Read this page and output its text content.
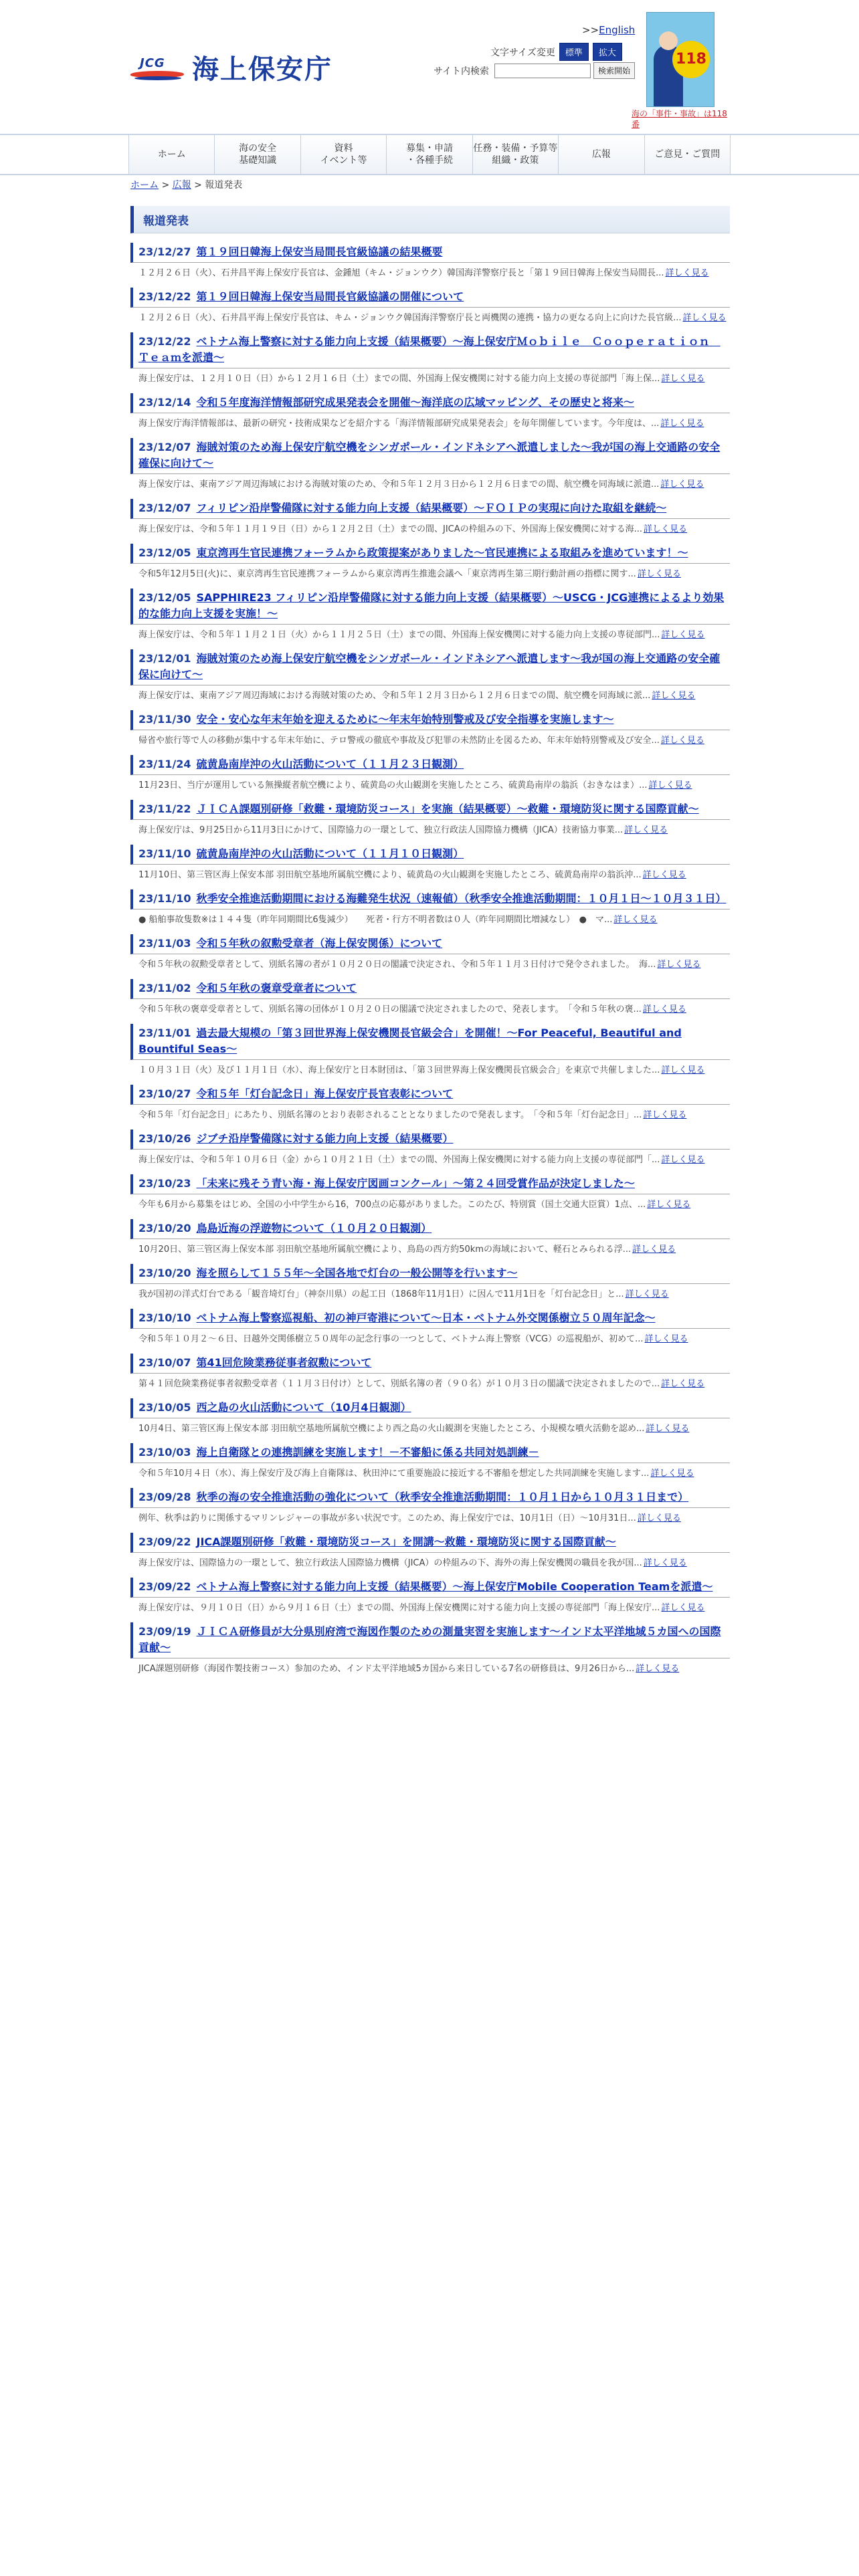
JCG 海上保安庁
>>English
文字サイズ変更	標準	拡大
サイト内検索	検索開始
118
海の「事件・事故」は118番
ホーム
海の安全
基礎知識
資料
イベント等
募集・申請
・各種手続
任務・装備・予算等
組織・政策
広報	ご意見・ご質問
ホーム > 広報 > 報道発表
報道発表
23/12/27 第１９回日韓海上保安当局間長官級協議の結果概要
１２月２６日（火）、石井昌平海上保安庁長官は、金鍾旭（キム・ジョンウク）韓国海洋警察庁長と「第１９回日韓海上保安当局間長... 詳しく見る
23/12/22 第１９回日韓海上保安当局間長官級協議の開催について
１２月２６日（火）、石井昌平海上保安庁長官は、キム・ジョンウク韓国海洋警察庁長と両機関の連携・協力の更なる向上に向けた長官級... 詳しく見る
23/12/22 ベトナム海上警察に対する能力向上支援（結果概要）～海上保安庁Ｍｏｂｉｌｅ　Ｃｏｏｐｅｒａｔｉｏｎ　Ｔｅａｍを派遣～
海上保安庁は、１２月１０日（日）から１２月１６日（土）までの間、外国海上保安機関に対する能力向上支援の専従部門「海上保... 詳しく見る
23/12/14 令和５年度海洋情報部研究成果発表会を開催～海洋底の広域マッピング、その歴史と将来～
海上保安庁海洋情報部は、最新の研究・技術成果などを紹介する「海洋情報部研究成果発表会」を毎年開催しています。今年度は、... 詳しく見る
23/12/07 海賊対策のため海上保安庁航空機をシンガポール・インドネシアへ派遣しました～我が国の海上交通路の安全確保に向けて～
海上保安庁は、東南アジア周辺海域における海賊対策のため、令和５年１２月３日から１２月６日までの間、航空機を同海域に派遣... 詳しく見る
23/12/07 フィリピン沿岸警備隊に対する能力向上支援（結果概要）～ＦＯＩＰの実現に向けた取組を継続～
海上保安庁は、令和５年１１月１９日（日）から１２月２日（土）までの間、JICAの枠組みの下、外国海上保安機関に対する海... 詳しく見る
23/12/05 東京湾再生官民連携フォーラムから政策提案がありました～官民連携による取組みを進めています！～
令和5年12月5日(火)に、東京湾再生官民連携フォーラムから東京湾再生推進会議へ「東京湾再生第三期行動計画の指標に関す... 詳しく見る
23/12/05 SAPPHIRE23 フィリピン沿岸警備隊に対する能力向上支援（結果概要）～USCG・JCG連携によるより効果的な能力向上支援を実施！～
海上保安庁は、令和５年１１月２１日（火）から１１月２５日（土）までの間、外国海上保安機関に対する能力向上支援の専従部門... 詳しく見る
23/12/01 海賊対策のため海上保安庁航空機をシンガポール・インドネシアへ派遣します～我が国の海上交通路の安全確保に向けて～
海上保安庁は、東南アジア周辺海域における海賊対策のため、令和５年１２月３日から１２月６日までの間、航空機を同海域に派... 詳しく見る
23/11/30 安全・安心な年末年始を迎えるために～年末年始特別警戒及び安全指導を実施します～
帰省や旅行等で人の移動が集中する年末年始に、テロ警戒の徹底や事故及び犯罪の未然防止を図るため、年末年始特別警戒及び安全... 詳しく見る
23/11/24 硫黄島南岸沖の火山活動について（１１月２３日観測）
11月23日、当庁が運用している無操縦者航空機により、硫黄島の火山観測を実施したところ、硫黄島南岸の翁浜（おきなはま）... 詳しく見る
23/11/22 ＪＩＣＡ課題別研修「救難・環境防災コース」を実施（結果概要）～救難・環境防災に関する国際貢献～
海上保安庁は、9月25日から11月3日にかけて、国際協力の一環として、独立行政法人国際協力機構（JICA）技術協力事業... 詳しく見る
23/11/10 硫黄島南岸沖の火山活動について（１１月１０日観測）
11月10日、第三管区海上保安本部 羽田航空基地所属航空機により、硫黄島の火山観測を実施したところ、硫黄島南岸の翁浜沖... 詳しく見る
23/11/10 秋季安全推進活動期間における海難発生状況（速報値）（秋季安全推進活動期間：１０月１日～１０月３１日）
● 船舶事故隻数※は１４４隻（昨年同期間比6隻減少）　　死者・行方不明者数は０人（昨年同期間比増減なし）　●　マ... 詳しく見る
23/11/03 令和５年秋の叙勲受章者（海上保安関係）について
令和５年秋の叙勲受章者として、別紙名簿の者が１０月２０日の閣議で決定され、令和５年１１月３日付けで発令されました。　海... 詳しく見る
23/11/02 令和５年秋の褒章受章者について
令和５年秋の褒章受章者として、別紙名簿の団体が１０月２０日の閣議で決定されましたので、発表します。　「令和５年秋の褒... 詳しく見る
23/11/01 過去最大規模の「第３回世界海上保安機関長官級会合」を開催！～For Peaceful, Beautiful and Bountiful Seas～
１０月３１日（火）及び１１月１日（水）、海上保安庁と日本財団は、「第３回世界海上保安機関長官級会合」を東京で共催しました... 詳しく見る
23/10/27 令和５年「灯台記念日」海上保安庁長官表彰について
令和５年「灯台記念日」にあたり、別紙名簿のとおり表彰されることとなりましたので発表します。　「令和５年「灯台記念日」... 詳しく見る
23/10/26 ジブチ沿岸警備隊に対する能力向上支援（結果概要）
海上保安庁は、令和５年１０月６日（金）から１０月２１日（土）までの間、外国海上保安機関に対する能力向上支援の専従部門「... 詳しく見る
23/10/23 「未来に残そう青い海・海上保安庁図画コンクール」～第２４回受賞作品が決定しました～
今年も6月から募集をはじめ、全国の小中学生から16，700点の応募がありました。このたび、特別賞（国土交通大臣賞）1点、... 詳しく見る
23/10/20 鳥島近海の浮遊物について（１０月２０日観測）
10月20日、第三管区海上保安本部 羽田航空基地所属航空機により、鳥島の西方約50kmの海域において、軽石とみられる浮... 詳しく見る
23/10/20 海を照らして１５５年～全国各地で灯台の一般公開等を行います～
我が国初の洋式灯台である「観音埼灯台」（神奈川県）の起工日（1868年11月1日）に因んで11月1日を「灯台記念日」と... 詳しく見る
23/10/10 ベトナム海上警察巡視船、初の神戸寄港について～日本・ベトナム外交関係樹立５０周年記念～
令和５年１０月２～６日、日越外交関係樹立５０周年の記念行事の一つとして、ベトナム海上警察（VCG）の巡視船が、初めて... 詳しく見る
23/10/07 第41回危険業務従事者叙勲について
第４１回危険業務従事者叙勲受章者（１１月３日付け）として、別紙名簿の者（９０名）が１０月３日の閣議で決定されましたので... 詳しく見る
23/10/05 西之島の火山活動について（10月4日観測）
10月4日、第三管区海上保安本部 羽田航空基地所属航空機により西之島の火山観測を実施したところ、小規模な噴火活動を認め... 詳しく見る
23/10/03 海上自衛隊との連携訓練を実施します！－不審船に係る共同対処訓練－
令和５年10月４日（水）、海上保安庁及び海上自衛隊は、秋田沖にて重要施設に接近する不審船を想定した共同訓練を実施します... 詳しく見る
23/09/28 秋季の海の安全推進活動の強化について（秋季安全推進活動期間：１０月１日から１０月３１日まで）
例年、秋季は釣りに関係するマリンレジャーの事故が多い状況です。このため、海上保安庁では、10月1日（日）～10月31日... 詳しく見る
23/09/22 JICA課題別研修「救難・環境防災コース」を開講～救難・環境防災に関する国際貢献～
海上保安庁は、国際協力の一環として、独立行政法人国際協力機構（JICA）の枠組みの下、海外の海上保安機関の職員を我が国... 詳しく見る
23/09/22 ベトナム海上警察に対する能力向上支援（結果概要）～海上保安庁Mobile Cooperation Teamを派遣～
海上保安庁は、９月１０日（日）から９月１６日（土）までの間、外国海上保安機関に対する能力向上支援の専従部門「海上保安庁... 詳しく見る
23/09/19 ＪＩＣＡ研修員が大分県別府湾で海図作製のための測量実習を実施します～インド太平洋地域５カ国への国際貢献～
JICA課題別研修（海図作製技術コース）参加のため、インド太平洋地域5カ国から来日している7名の研修員は、9月26日から... 詳しく見る
